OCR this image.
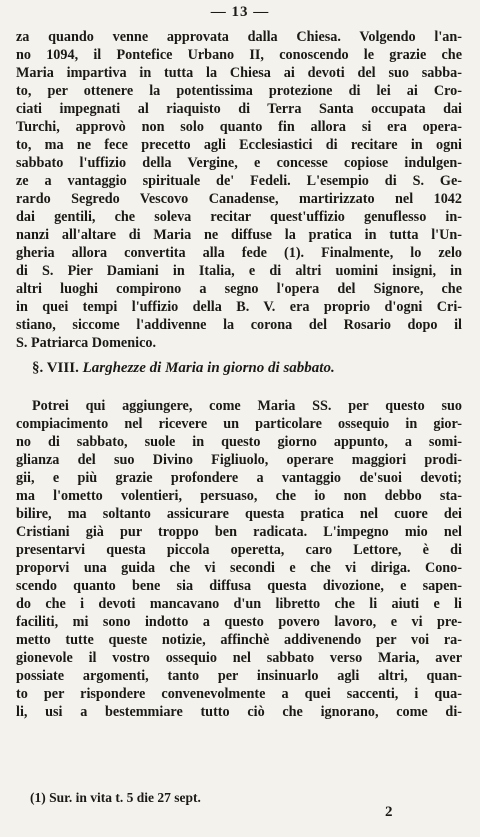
— 13 —
za quando venne approvata dalla Chiesa. Volgendo l'an-
no 1094, il Pontefice Urbano II, conoscendo le grazie che
Maria impartiva in tutta la Chiesa ai devoti del suo sabba-
to, per ottenere la potentissima protezione di lei ai Cro-
ciati impegnati al riaquisto di Terra Santa occupata dai
Turchi, approvò non solo quanto fin allora si era opera-
to, ma ne fece precetto agli Ecclesiastici di recitare in ogni
sabbato l'uffizio della Vergine, e concesse copiose indulgen-
ze a vantaggio spirituale de' Fedeli. L'esempio di S. Ge-
rardo Segredo Vescovo Canadense, martirizzato nel 1042
dai gentili, che soleva recitar quest'uffizio genuflesso in-
nanzi all'altare di Maria ne diffuse la pratica in tutta l'Un-
gheria allora convertita alla fede (1). Finalmente, lo zelo
di S. Pier Damiani in Italia, e di altri uomini insigni, in
altri luoghi compirono a segno l'opera del Signore, che
in quei tempi l'uffizio della B. V. era proprio d'ogni Cri-
stiano, siccome l'addivenne la corona del Rosario dopo il
S. Patriarca Domenico.
§. VIII. Larghezze di Maria in giorno di sabbato.
Potrei qui aggiungere, come Maria SS. per questo suo
compiacimento nel ricevere un particolare ossequio in gior-
no di sabbato, suole in questo giorno appunto, a somi-
glianza del suo Divino Figliuolo, operare maggiori prodi-
gii, e più grazie profondere a vantaggio de'suoi devoti;
ma l'ometto volentieri, persuaso, che io non debbo sta-
bilire, ma soltanto assicurare questa pratica nel cuore dei
Cristiani già pur troppo ben radicata. L'impegno mio nel
presentarvi questa piccola operetta, caro Lettore, è di
proporvi una guida che vi secondi e che vi diriga. Cono-
scendo quanto bene sia diffusa questa divozione, e sapen-
do che i devoti mancavano d'un libretto che li aiuti e li
faciliti, mi sono indotto a questo povero lavoro, e vi pre-
metto tutte queste notizie, affinchè addivenendo per voi ra-
gionevole il vostro ossequio nel sabbato verso Maria, aver
possiate argomenti, tanto per insinuarlo agli altri, quan-
to per rispondere convenevolmente a quei saccenti, i qua-
li, usi a bestemmiare tutto ciò che ignorano, come di-
(1) Sur. in vita t. 5 die 27 sept.
2
